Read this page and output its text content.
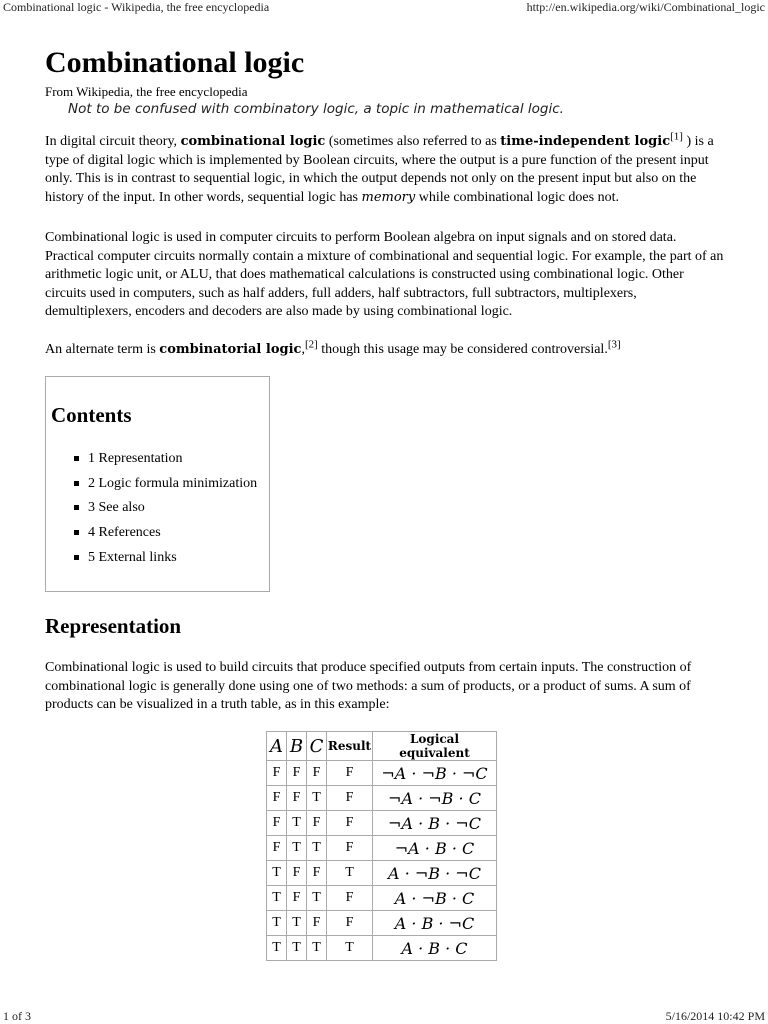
Combinational logic - Wikipedia, the free encyclopedia	http://en.wikipedia.org/wiki/Combinational_logic
Combinational logic
From Wikipedia, the free encyclopedia
Not to be confused with combinatory logic, a topic in mathematical logic.

In digital circuit theory, combinational logic (sometimes also referred to as time-independent logic[1] ) is a type of digital logic which is implemented by Boolean circuits, where the output is a pure function of the present input only. This is in contrast to sequential logic, in which the output depends not only on the present input but also on the history of the input. In other words, sequential logic has memory while combinational logic does not.

Combinational logic is used in computer circuits to perform Boolean algebra on input signals and on stored data. Practical computer circuits normally contain a mixture of combinational and sequential logic. For example, the part of an arithmetic logic unit, or ALU, that does mathematical calculations is constructed using combinational logic. Other circuits used in computers, such as half adders, full adders, half subtractors, full subtractors, multiplexers, demultiplexers, encoders and decoders are also made by using combinational logic.

An alternate term is combinatorial logic,[2] though this usage may be considered controversial.[3]

Contents
1 Representation
2 Logic formula minimization
3 See also
4 References
5 External links
Representation

Combinational logic is used to build circuits that produce specified outputs from certain inputs. The construction of combinational logic is generally done using one of two methods: a sum of products, or a product of sums. A sum of products can be visualized in a truth table, as in this example:

A	B	C	Result	Logical equivalent
F	F	F	F	¬A · ¬B · ¬C
F	F	T	F	¬A · ¬B · C
F	T	F	F	¬A · B · ¬C
F	T	T	F	¬A · B · C
T	F	F	T	A · ¬B · ¬C
T	F	T	F	A · ¬B · C
T	T	F	F	A · B · ¬C
T	T	T	T	A · B · C
1 of 3	5/16/2014 10:42 PM
